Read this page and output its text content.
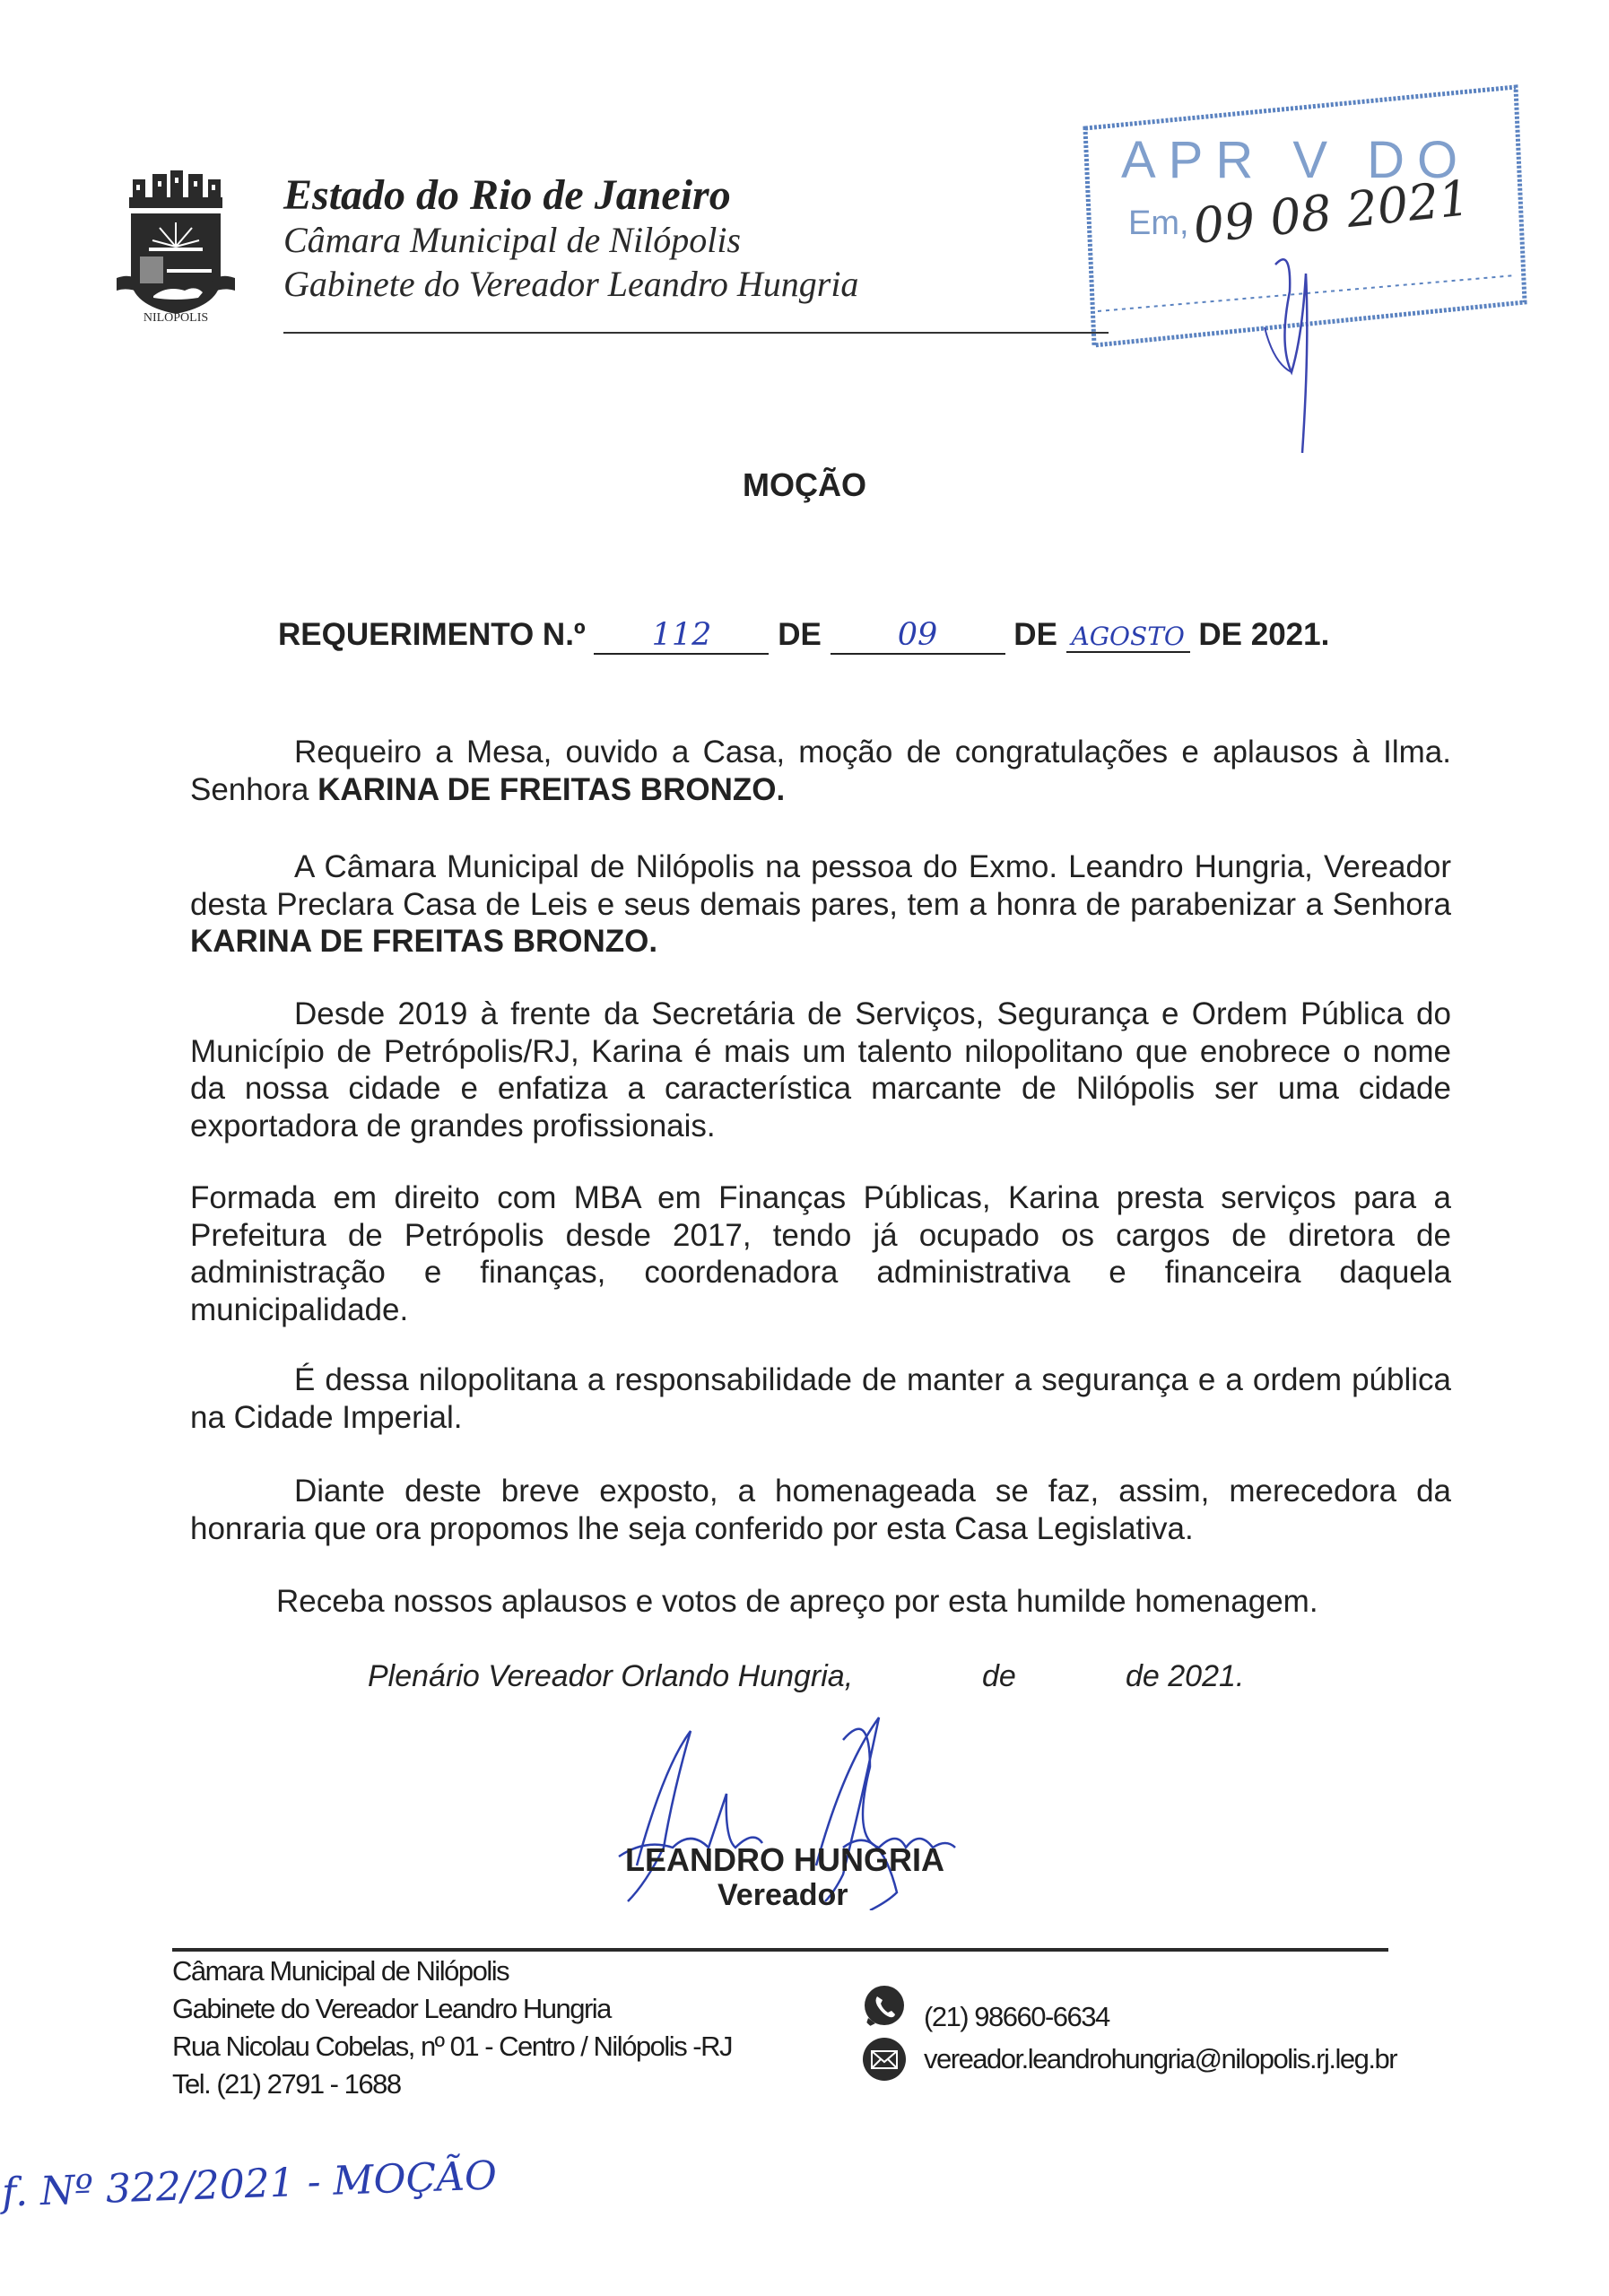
NILOPOLIS
Estado do Rio de Janeiro
Câmara Municipal de Nilópolis
Gabinete do Vereador Leandro Hungria
APR V DO
Em, 09 08 2021
MOÇÃO
REQUERIMENTO N.º 112 DE 09 DE AGOSTO DE 2021.
Requeiro a Mesa, ouvido a Casa, moção de congratulações e aplausos à Ilma. Senhora KARINA DE FREITAS BRONZO.
A Câmara Municipal de Nilópolis na pessoa do Exmo. Leandro Hungria, Vereador desta Preclara Casa de Leis e seus demais pares, tem a honra de parabenizar a Senhora KARINA DE FREITAS BRONZO.
Desde 2019 à frente da Secretária de Serviços, Segurança e Ordem Pública do Município de Petrópolis/RJ, Karina é mais um talento nilopolitano que enobrece o nome da nossa cidade e enfatiza a característica marcante de Nilópolis ser uma cidade exportadora de grandes profissionais.
Formada em direito com MBA em Finanças Públicas, Karina presta serviços para a Prefeitura de Petrópolis desde 2017, tendo já ocupado os cargos de diretora de administração e finanças, coordenadora administrativa e financeira daquela municipalidade.
É dessa nilopolitana a responsabilidade de manter a segurança e a ordem pública na Cidade Imperial.
Diante deste breve exposto, a homenageada se faz, assim, merecedora da honraria que ora propomos lhe seja conferido por esta Casa Legislativa.
Receba nossos aplausos e votos de apreço por esta humilde homenagem.
Plenário Vereador Orlando Hungria,	de	de 2021.
LEANDRO HUNGRIA
Vereador
Câmara Municipal de Nilópolis
Gabinete do Vereador Leandro Hungria
Rua Nicolau Cobelas, nº 01 - Centro / Nilópolis -RJ
Tel. (21) 2791 - 1688
(21) 98660-6634
vereador.leandrohungria@nilopolis.rj.leg.br
f. Nº 322/2021 - MOÇÃO
